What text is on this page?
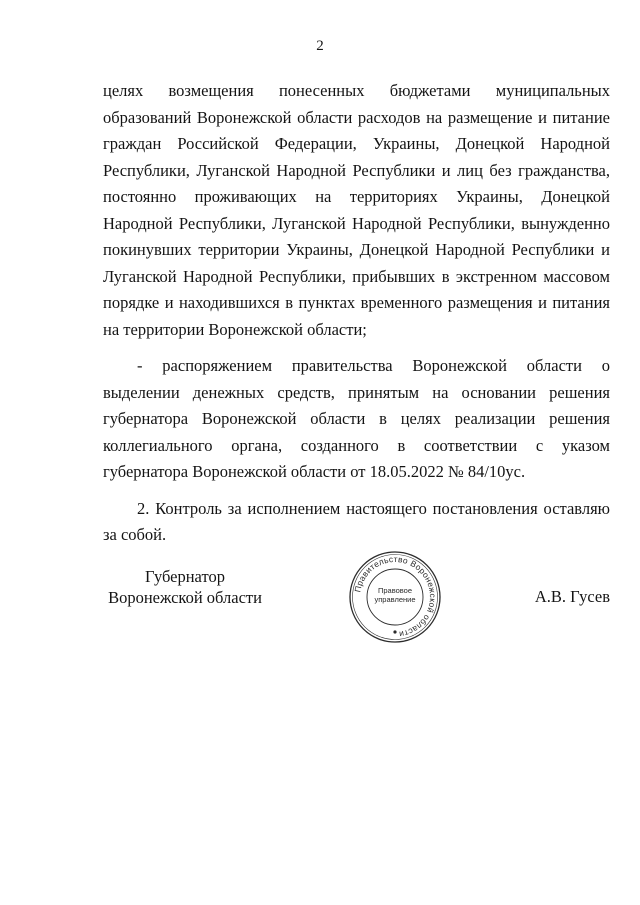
2

целях возмещения понесенных бюджетами муниципальных образований Воронежской области расходов на размещение и питание граждан Российской Федерации, Украины, Донецкой Народной Республики, Луганской Народной Республики и лиц без гражданства, постоянно проживающих на территориях Украины, Донецкой Народной Республики, Луганской Народной Республики, вынужденно покинувших территории Украины, Донецкой Народной Республики и Луганской Народной Республики, прибывших в экстренном массовом порядке и находившихся в пунктах временного размещения и питания на территории Воронежской области;

- распоряжением правительства Воронежской области о выделении денежных средств, принятым на основании решения губернатора Воронежской области в целях реализации решения коллегиального органа, созданного в соответствии с указом губернатора Воронежской области от 18.05.2022 № 84/10ус.

2. Контроль за исполнением настоящего постановления оставляю за собой.

Губернатор
Воронежской области	Правительство Воронежской области
Правовое
управление	А.В. Гусев
